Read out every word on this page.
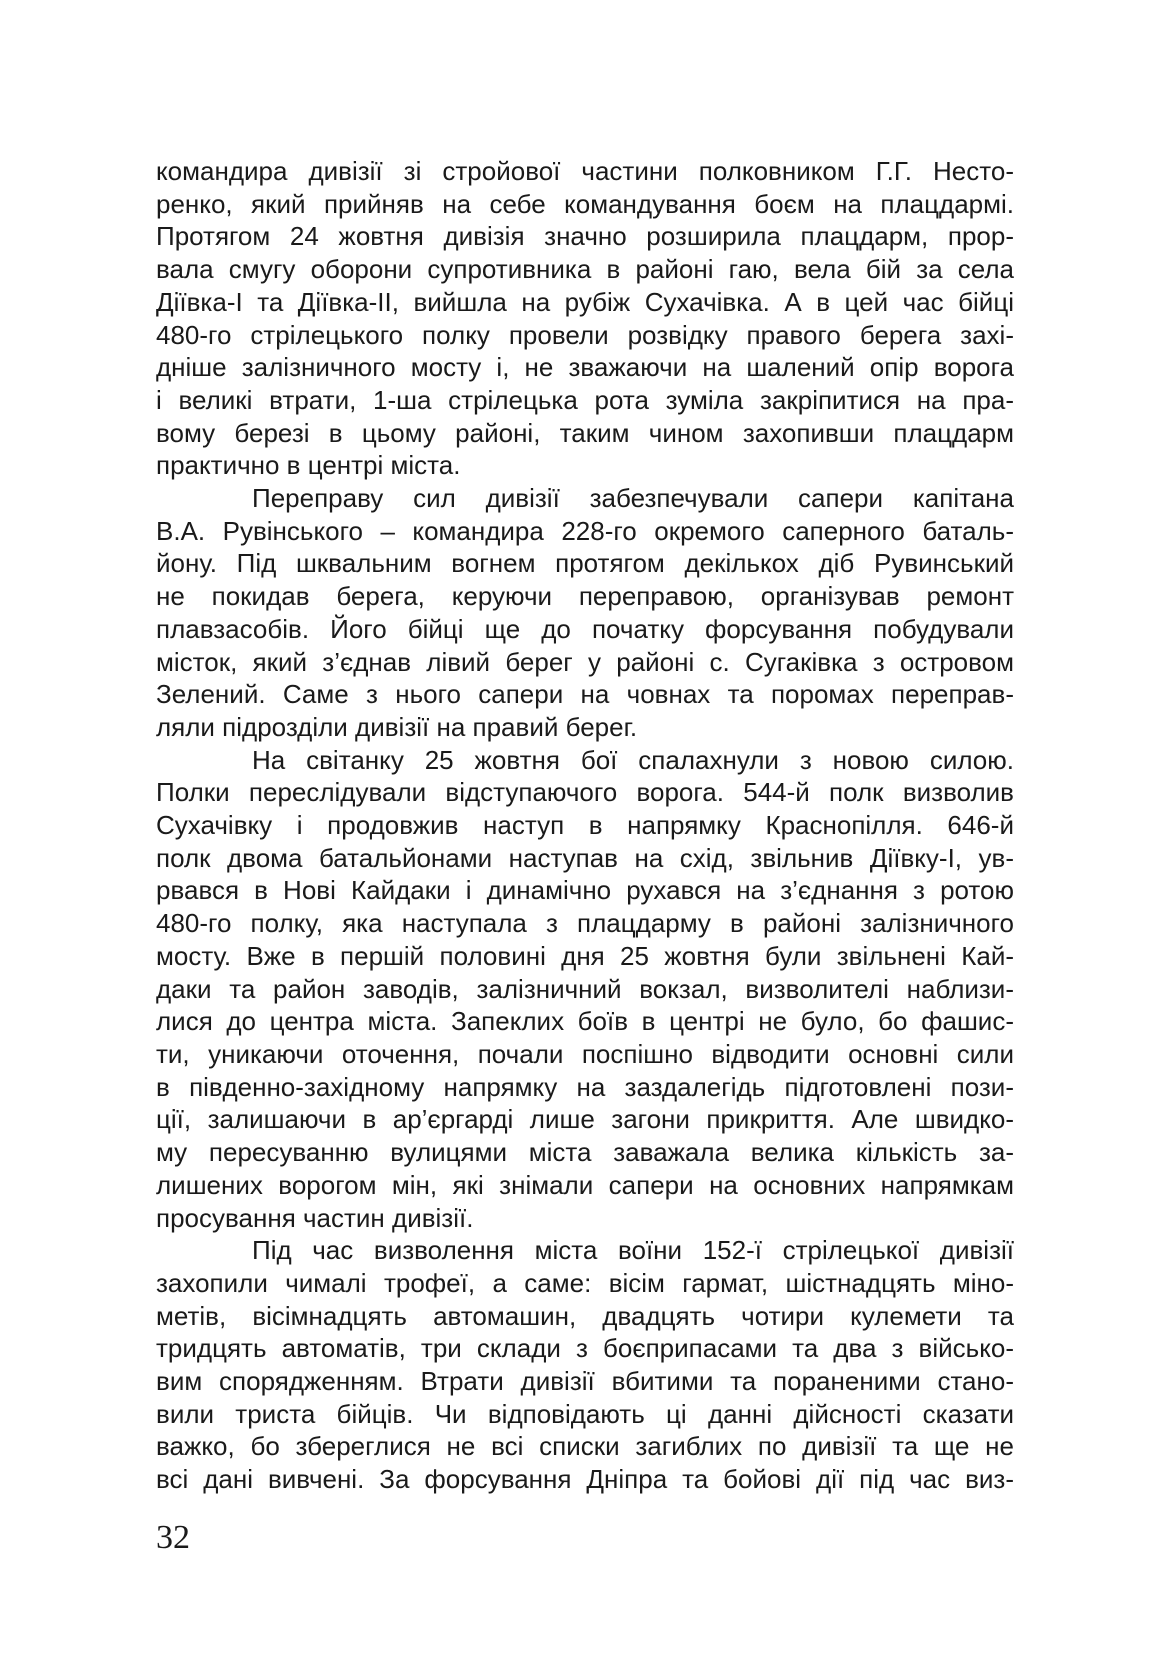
командира дивізії зі стройової частини полковником Г.Г. Несто-
ренко, який прийняв на себе командування боєм на плацдармі.
Протягом 24 жовтня дивізія значно розширила плацдарм, прор-
вала смугу оборони супротивника в районі гаю, вела бій за села
Діївка-І та Діївка-ІІ, вийшла на рубіж Сухачівка. А в цей час бійці
480-го стрілецького полку провели розвідку правого берега захі-
дніше залізничного мосту і, не зважаючи на шалений опір ворога
і великі втрати, 1-ша стрілецька рота зуміла закріпитися на пра-
вому березі в цьому районі, таким чином захопивши плацдарм
практично в центрі міста.
Переправу сил дивізії забезпечували сапери капітана
В.А. Рувінського – командира 228-го окремого саперного баталь-
йону. Під шквальним вогнем протягом декількох діб Рувинський
не покидав берега, керуючи переправою, організував ремонт
плавзасобів. Його бійці ще до початку форсування побудували
місток, який з’єднав лівий берег у районі с. Сугаківка з островом
Зелений. Саме з нього сапери на човнах та поромах переправ-
ляли підрозділи дивізії на правий берег.
На світанку 25 жовтня бої спалахнули з новою силою.
Полки переслідували відступаючого ворога. 544-й полк визволив
Сухачівку і продовжив наступ в напрямку Краснопілля. 646-й
полк двома батальйонами наступав на схід, звільнив Діївку-І, ув-
рвався в Нові Кайдаки і динамічно рухався на з’єднання з ротою
480-го полку, яка наступала з плацдарму в районі залізничного
мосту. Вже в першій половині дня 25 жовтня були звільнені Кай-
даки та район заводів, залізничний вокзал, визволителі наблизи-
лися до центра міста. Запеклих боїв в центрі не було, бо фашис-
ти, уникаючи оточення, почали поспішно відводити основні сили
в південно-західному напрямку на заздалегідь підготовлені пози-
ції, залишаючи в ар’єргарді лише загони прикриття. Але швидко-
му пересуванню вулицями міста заважала велика кількість за-
лишених ворогом мін, які знімали сапери на основних напрямкам
просування частин дивізії.
Під час визволення міста воїни 152-ї стрілецької дивізії
захопили чималі трофеї, а саме: вісім гармат, шістнадцять міно-
метів, вісімнадцять автомашин, двадцять чотири кулемети та
тридцять автоматів, три склади з боєприпасами та два з військо-
вим спорядженням. Втрати дивізії вбитими та пораненими стано-
вили триста бійців. Чи відповідають ці данні дійсності сказати
важко, бо збереглися не всі списки загиблих по дивізії та ще не
всі дані вивчені. За форсування Дніпра та бойові дії під час виз-
32
